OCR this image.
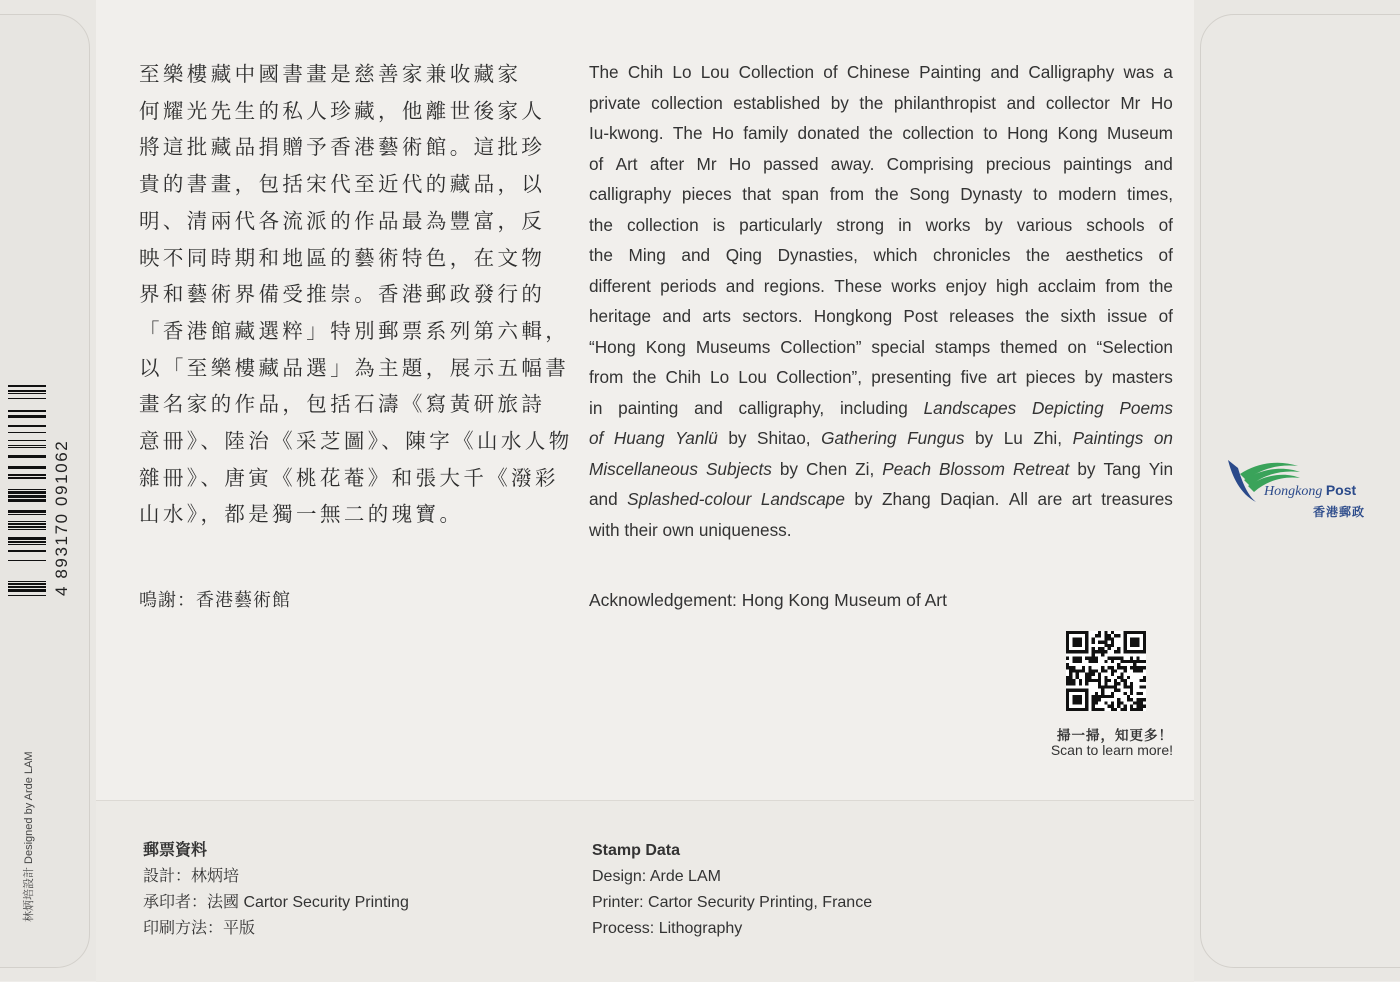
至樂樓藏中國書畫是慈善家兼收藏家
何耀光先生的私人珍藏，他離世後家人
將這批藏品捐贈予香港藝術館。這批珍
貴的書畫，包括宋代至近代的藏品，以
明、清兩代各流派的作品最為豐富，反
映不同時期和地區的藝術特色，在文物
界和藝術界備受推崇。香港郵政發行的
「香港館藏選粹」特別郵票系列第六輯，
以「至樂樓藏品選」為主題，展示五幅書
畫名家的作品，包括石濤《寫黃研旅詩
意冊》、陸治《采芝圖》、陳字《山水人物
雜冊》、唐寅《桃花菴》和張大千《潑彩
山水》，都是獨一無二的瑰寶。
鳴謝：香港藝術館
The Chih Lo Lou Collection of Chinese Painting and Calligraphy was a
private collection established by the philanthropist and collector Mr Ho
Iu-kwong. The Ho family donated the collection to Hong Kong Museum
of Art after Mr Ho passed away. Comprising precious paintings and
calligraphy pieces that span from the Song Dynasty to modern times,
the collection is particularly strong in works by various schools of
the Ming and Qing Dynasties, which chronicles the aesthetics of
different periods and regions. These works enjoy high acclaim from the
heritage and arts sectors. Hongkong Post releases the sixth issue of
“Hong Kong Museums Collection” special stamps themed on “Selection
from the Chih Lo Lou Collection”, presenting five art pieces by masters
in painting and calligraphy, including Landscapes Depicting Poems
of Huang Yanlü by Shitao, Gathering Fungus by Lu Zhi, Paintings on
Miscellaneous Subjects by Chen Zi, Peach Blossom Retreat by Tang Yin
and Splashed-colour Landscape by Zhang Daqian. All are art treasures
with their own uniqueness.
Acknowledgement: Hong Kong Museum of Art
掃一掃，知更多！
Scan to learn more!
郵票資料
設計：林炳培
承印者：法國 Cartor Security Printing
印刷方法：平版
Stamp Data
Design: Arde LAM
Printer: Cartor Security Printing, France
Process: Lithography
4 893170 091062
林炳培設計 Designed by Arde LAM
Hongkong Post
香港郵政
